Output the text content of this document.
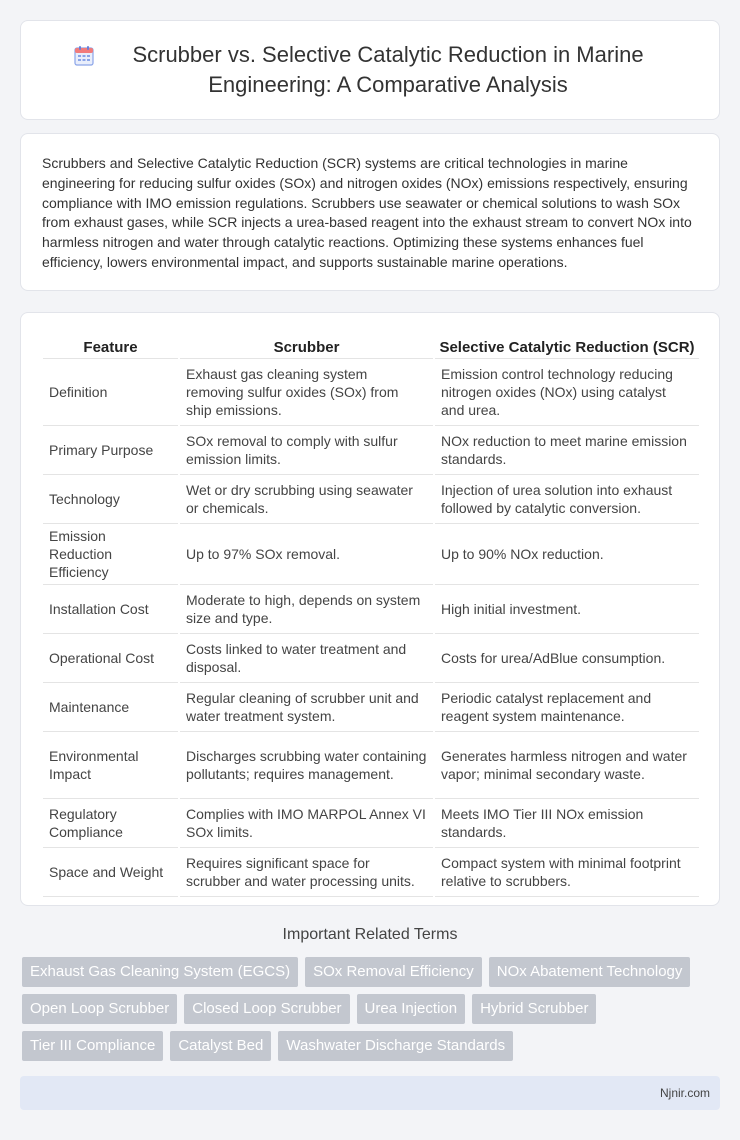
Scrubber vs. Selective Catalytic Reduction in Marine Engineering: A Comparative Analysis

Scrubbers and Selective Catalytic Reduction (SCR) systems are critical technologies in marine engineering for reducing sulfur oxides (SOx) and nitrogen oxides (NOx) emissions respectively, ensuring compliance with IMO emission regulations. Scrubbers use seawater or chemical solutions to wash SOx from exhaust gases, while SCR injects a urea-based reagent into the exhaust stream to convert NOx into harmless nitrogen and water through catalytic reactions. Optimizing these systems enhances fuel efficiency, lowers environmental impact, and supports sustainable marine operations.

Feature	Scrubber	Selective Catalytic Reduction (SCR)
Definition	Exhaust gas cleaning system removing sulfur oxides (SOx) from ship emissions.	Emission control technology reducing nitrogen oxides (NOx) using catalyst and urea.
Primary Purpose	SOx removal to comply with sulfur emission limits.	NOx reduction to meet marine emission standards.
Technology	Wet or dry scrubbing using seawater or chemicals.	Injection of urea solution into exhaust followed by catalytic conversion.
Emission Reduction Efficiency	Up to 97% SOx removal.	Up to 90% NOx reduction.
Installation Cost	Moderate to high, depends on system size and type.	High initial investment.
Operational Cost	Costs linked to water treatment and disposal.	Costs for urea/AdBlue consumption.
Maintenance	Regular cleaning of scrubber unit and water treatment system.	Periodic catalyst replacement and reagent system maintenance.
Environmental Impact	Discharges scrubbing water containing pollutants; requires management.	Generates harmless nitrogen and water vapor; minimal secondary waste.
Regulatory Compliance	Complies with IMO MARPOL Annex VI SOx limits.	Meets IMO Tier III NOx emission standards.
Space and Weight	Requires significant space for scrubber and water processing units.	Compact system with minimal footprint relative to scrubbers.
Important Related Terms
Exhaust Gas Cleaning System (EGCS)	SOx Removal Efficiency	NOx Abatement Technology
Open Loop Scrubber	Closed Loop Scrubber	Urea Injection	Hybrid Scrubber
Tier III Compliance	Catalyst Bed	Washwater Discharge Standards
Njnir.com
